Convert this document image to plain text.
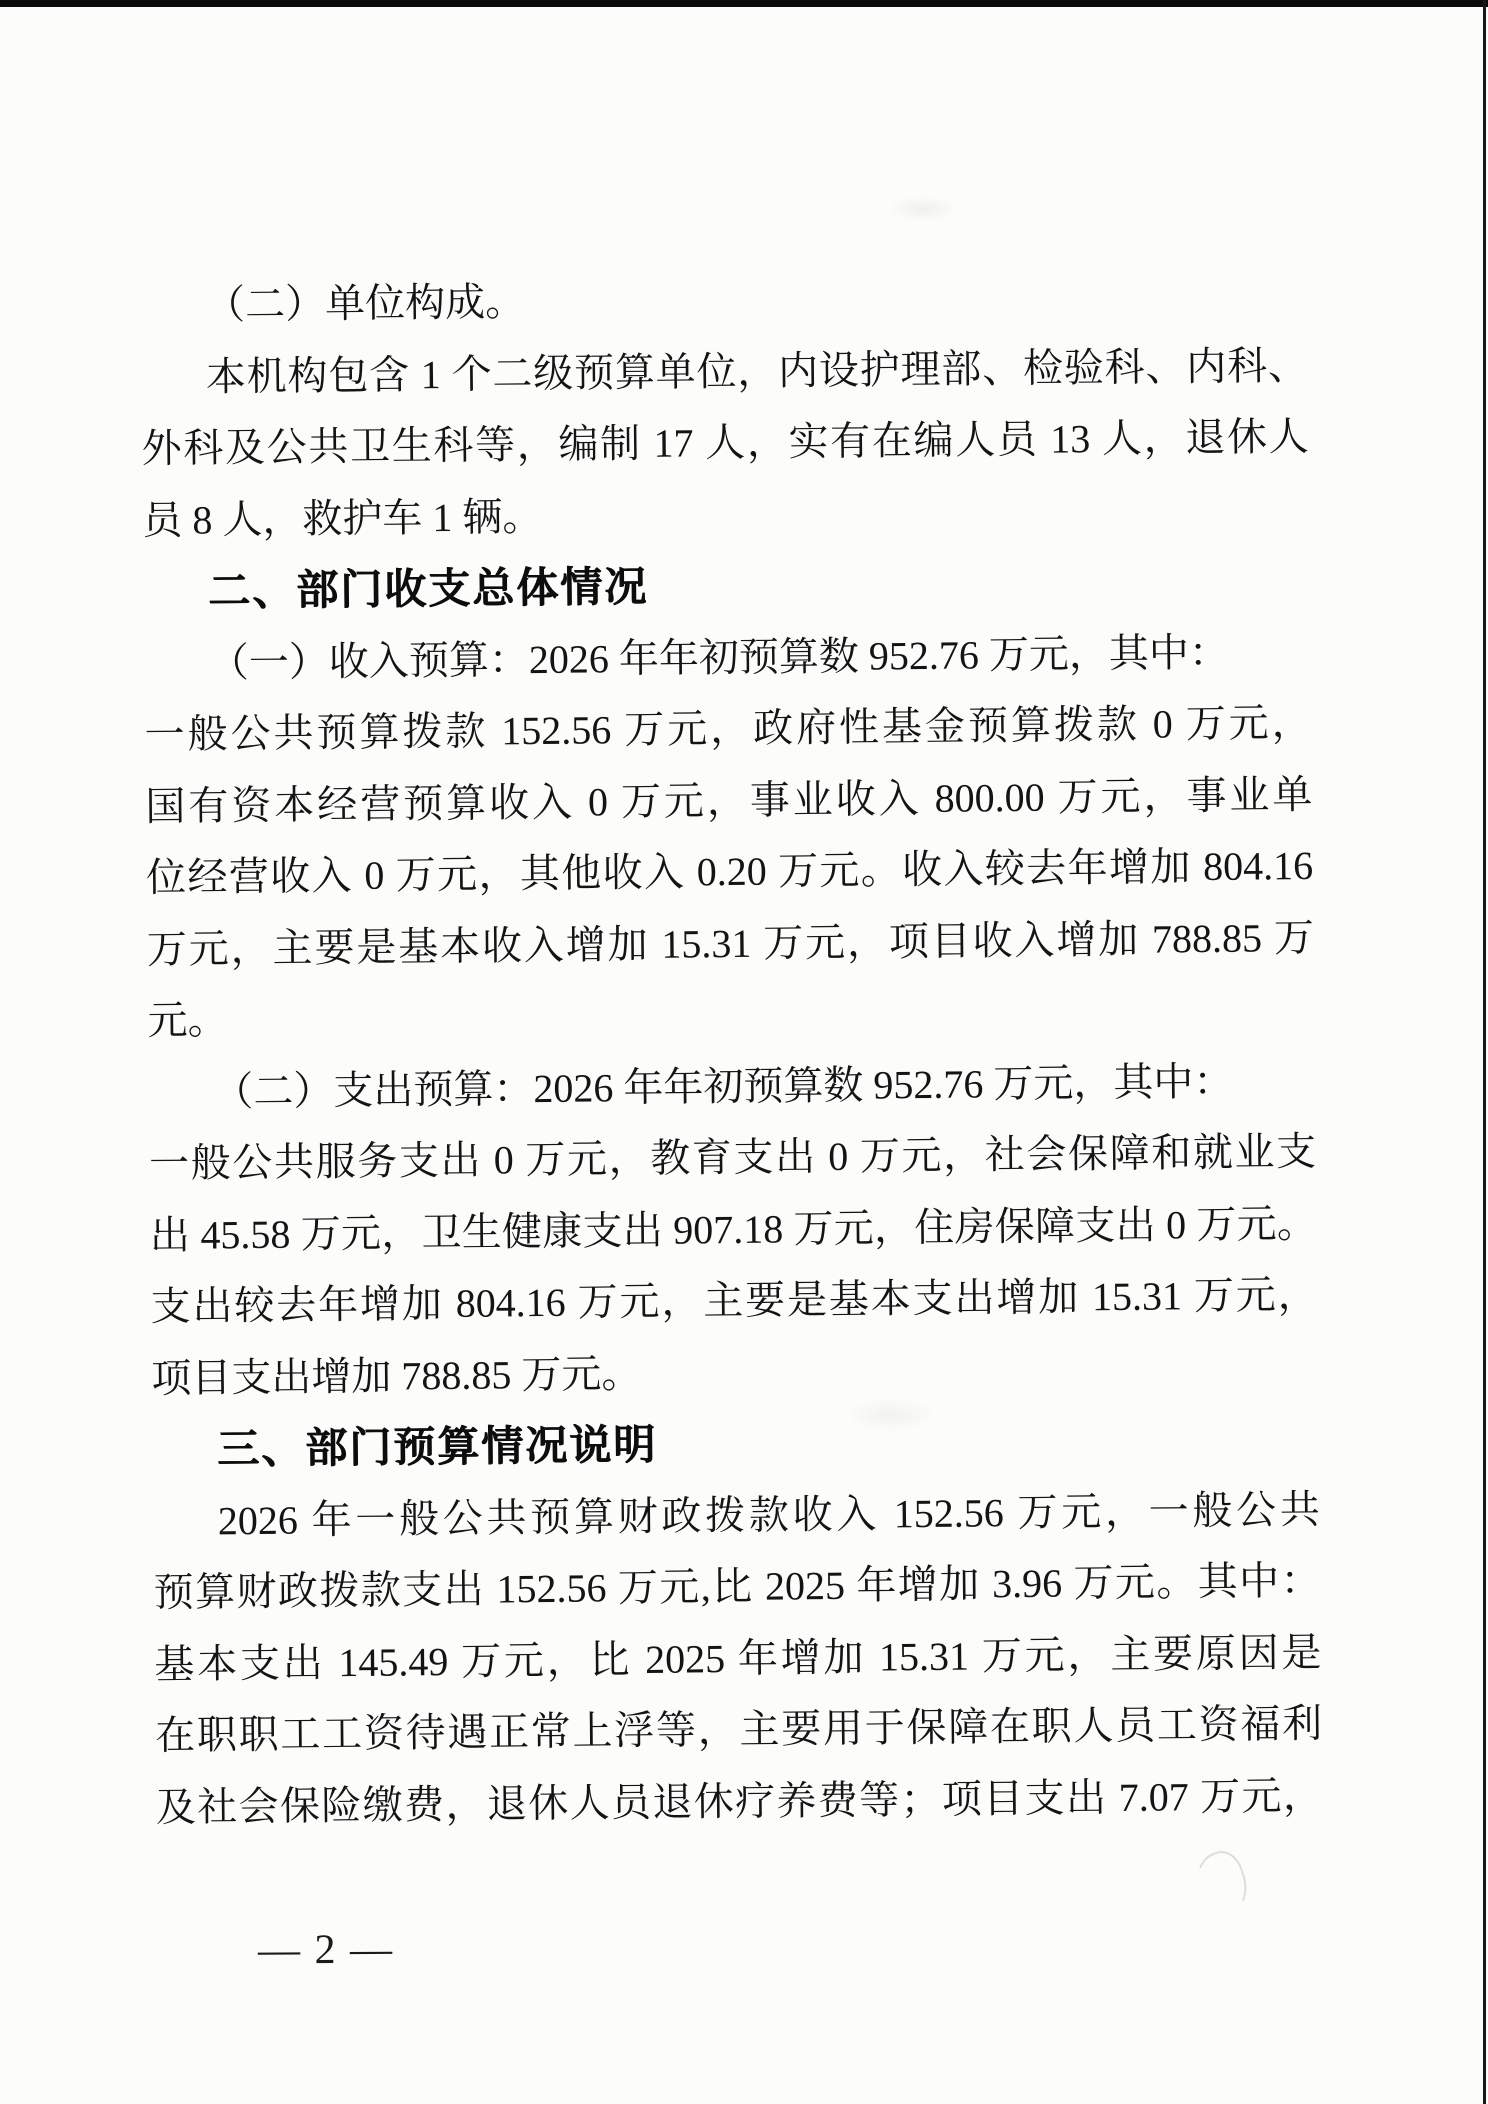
（二）单位构成。
本机构包含 1 个二级预算单位，内设护理部、检验科、内科、
外科及公共卫生科等，编制 17 人，实有在编人员 13 人，退休人
员 8 人，救护车 1 辆。
二、部门收支总体情况
（一）收入预算：2026 年年初预算数 952.76 万元，其中：
一般公共预算拨款 152.56 万元，政府性基金预算拨款 0 万元，
国有资本经营预算收入 0 万元，事业收入 800.00 万元，事业单
位经营收入 0 万元，其他收入 0.20 万元。收入较去年增加 804.16
万元，主要是基本收入增加 15.31 万元，项目收入增加 788.85 万
元。
（二）支出预算：2026 年年初预算数 952.76 万元，其中：
一般公共服务支出 0 万元，教育支出 0 万元，社会保障和就业支
出 45.58 万元，卫生健康支出 907.18 万元，住房保障支出 0 万元。
支出较去年增加 804.16 万元，主要是基本支出增加 15.31 万元，
项目支出增加 788.85 万元。
三、部门预算情况说明
2026 年一般公共预算财政拨款收入 152.56 万元，一般公共
预算财政拨款支出 152.56 万元,比 2025 年增加 3.96 万元。其中：
基本支出 145.49 万元，比 2025 年增加 15.31 万元，主要原因是
在职职工工资待遇正常上浮等，主要用于保障在职人员工资福利
及社会保险缴费，退休人员退休疗养费等；项目支出 7.07 万元，
— 2 —
